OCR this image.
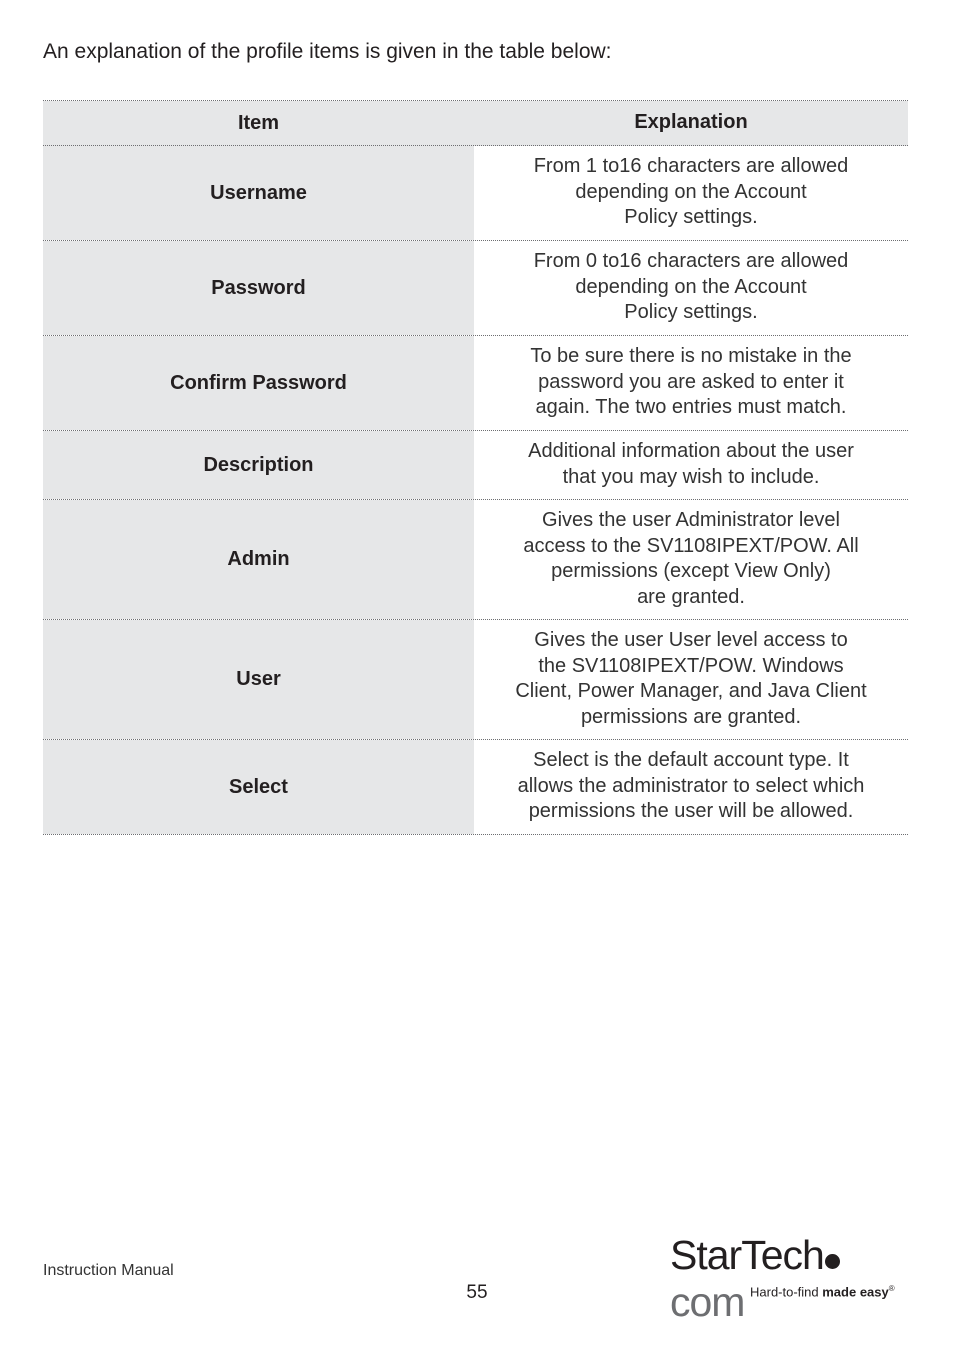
An explanation of the profile items is given in the table below:
Item	Explanation
Username
From 1 to16 characters are allowed
depending on the Account
Policy settings.
Password
From 0 to16 characters are allowed
depending on the Account
Policy settings.
Confirm Password
To be sure there is no mistake in the
password you are asked to enter it
again. The two entries must match.
Description
Additional information about the user
that you may wish to include.
Admin
Gives the user Administrator level
access to the SV1108IPEXT/POW. All
permissions (except View Only)
are granted.
User
Gives the user User level access to
the SV1108IPEXT/POW. Windows
Client, Power Manager, and Java Client
permissions are granted.
Select
Select is the default account type. It
allows the administrator to select which
permissions the user will be allowed.
Instruction Manual
55
StarTechcom Hard-to-find made easy®
